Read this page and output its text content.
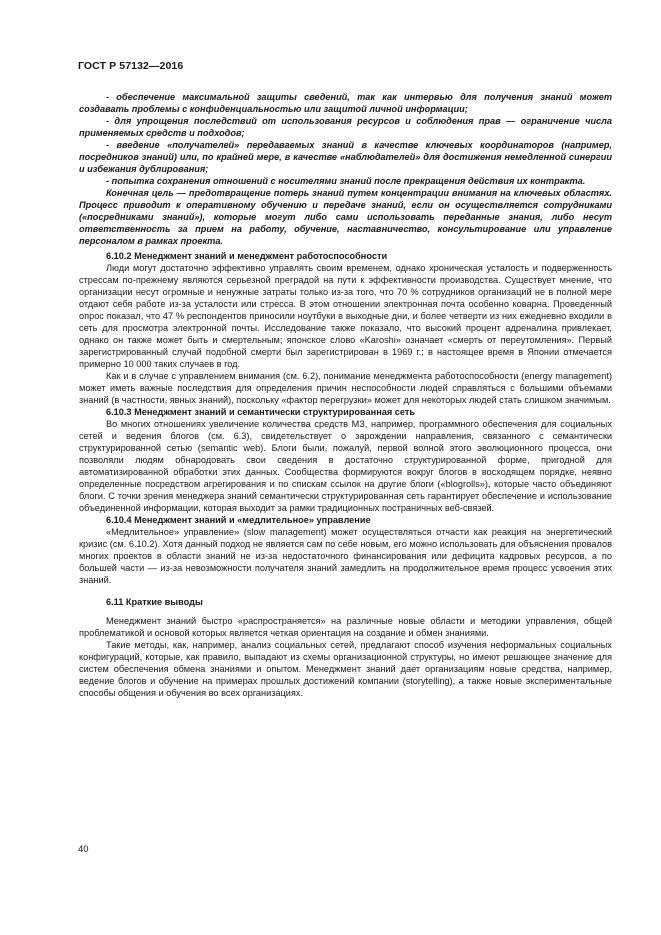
ГОСТ Р 57132—2016

- обеспечение максимальной защиты сведений, так как интервью для получения знаний может создавать проблемы с конфиденциальностью или защитой личной информации;

- для упрощения последствий от использования ресурсов и соблюдения прав — ограничение числа применяемых средств и подходов;

- введение «получателей» передаваемых знаний в качестве ключевых координаторов (например, посредников знаний) или, по крайней мере, в качестве «наблюдателей» для достижения немедленной синергии и избежания дублирования;

- попытка сохранения отношений с носителями знаний после прекращения действия их контракта.

Конечная цель — предотвращение потерь знаний путем концентрации внимания на ключевых областях. Процесс приводит к оперативному обучению и передаче знаний, если он осуществляется сотрудниками («посредниками знаний»), которые могут либо сами использовать переданные знания, либо несут ответственность за прием на работу, обучение, наставничество, консультирование или управление персоналом в рамках проекта.

6.10.2 Менеджмент знаний и менеджмент работоспособности

Люди могут достаточно эффективно управлять своим временем, однако хроническая усталость и подверженность стрессам по-прежнему являются серьезной преградой на пути к эффективности производства. Существует мнение, что организации несут огромные и ненужные затраты только из-за того, что 70 % сотрудников организаций не в полной мере отдают себя работе из-за усталости или стресса. В этом отношении электронная почта особенно коварна. Проведенный опрос показал, что 47 % респондентов приносили ноутбуки в выходные дни, и более четверти из них ежедневно входили в сеть для просмотра электронной почты. Исследование также показало, что высокий процент адреналина привлекает, однако он также может быть и смертельным; японское слово «Karoshi» означает «смерть от переутомления». Первый зарегистрированный случай подобной смерти был зарегистрирован в 1969 г.; в настоящее время в Японии отмечается примерно 10 000 таких случаев в год.

Как и в случае с управлением внимания (см. 6.2), понимание менеджмента работоспособности (energy management) может иметь важные последствия для определения причин неспособности людей справляться с большими объемами знаний (в частности, явных знаний), поскольку «фактор перегрузки» может для некоторых людей стать слишком значимым.

6.10.3 Менеджмент знаний и семантически структурированная сеть

Во многих отношениях увеличение количества средств МЗ, например, программного обеспечения для социальных сетей и ведения блогов (см. 6.3), свидетельствует о зарождении направления, связанного с семантически структурированной сетью (semantic web). Блоги были, пожалуй, первой волной этого эволюционного процесса, они позволяли людям обнародовать свои сведения в достаточно структурированной форме, пригодной для автоматизированной обработки этих данных. Сообщества формируются вокруг блогов в восходящем порядке, неявно определенные посредством агрегирования и по спискам ссылок на другие блоги («blogrolls»), которые часто объединяют блоги. С точки зрения менеджера знаний семантически структурированная сеть гарантирует обеспечение и использование объединенной информации, которая выходит за рамки традиционных постраничных веб-связей.

6.10.4 Менеджмент знаний и «медлительное» управление

«Медлительное» управление» (slow management) может осуществляться отчасти как реакция на энергетический кризис (см. 6.10.2). Хотя данный подход не является сам по себе новым, его можно использовать для объяснения провалов многих проектов в области знаний не из-за недостаточного финансирования или дефицита кадровых ресурсов, а по большей части — из-за невозможности получателя знаний замедлить на продолжительное время процесс усвоения этих знаний.

6.11 Краткие выводы

Менеджмент знаний быстро «распространяется» на различные новые области и методики управления, общей проблематикой и основой которых является четкая ориентация на создание и обмен знаниями.

Такие методы, как, например, анализ социальных сетей, предлагают способ изучения неформальных социальных конфигураций, которые, как правило, выпадают из схемы организационной структуры, но имеют решающее значение для систем обеспечения обмена знаниями и опытом. Менеджмент знаний дает организациям новые средства, например, ведение блогов и обучение на примерах прошлых достижений компании (storytelling), а также новые экспериментальные способы общения и обучения во всех организациях.

40
